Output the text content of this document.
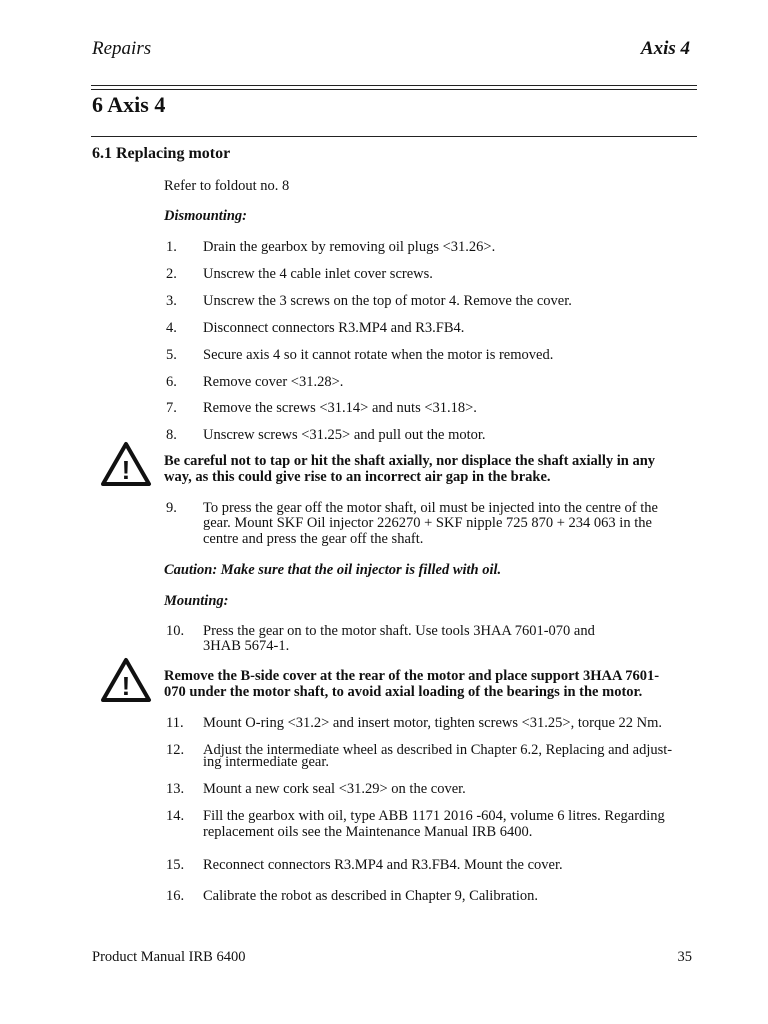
Repairs	Axis 4
6 Axis 4
6.1 Replacing motor
Refer to foldout no. 8
Dismounting:
1.	Drain the gearbox by removing oil plugs <31.26>.
2.	Unscrew the 4 cable inlet cover screws.
3.	Unscrew the 3 screws on the top of motor 4. Remove the cover.
4.	Disconnect connectors R3.MP4 and R3.FB4.
5.	Secure axis 4 so it cannot rotate when the motor is removed.
6.	Remove cover <31.28>.
7.	Remove the screws <31.14> and nuts <31.18>.
8.	Unscrew screws <31.25> and pull out the motor.
! Be careful not to tap or hit the shaft axially, nor displace the shaft axially in any
way, as this could give rise to an incorrect air gap in the brake.
9.	To press the gear off the motor shaft, oil must be injected into the centre of the
gear. Mount SKF Oil injector 226270 + SKF nipple 725 870 + 234 063 in the
centre and press the gear off the shaft.
Caution: Make sure that the oil injector is filled with oil.
Mounting:
10.	Press the gear on to the motor shaft. Use tools 3HAA 7601-070 and
3HAB 5674-1.
! Remove the B-side cover at the rear of the motor and place support 3HAA 7601-
070 under the motor shaft, to avoid axial loading of the bearings in the motor.
11.	Mount O-ring <31.2> and insert motor, tighten screws <31.25>, torque 22 Nm.
12.	Adjust the intermediate wheel as described in Chapter 6.2, Replacing and adjust-
ing intermediate gear.
13.	Mount a new cork seal <31.29> on the cover.
14.	Fill the gearbox with oil, type ABB 1171 2016 -604, volume 6 litres. Regarding
replacement oils see the Maintenance Manual IRB 6400.
15.	Reconnect connectors R3.MP4 and R3.FB4. Mount the cover.
16.	Calibrate the robot as described in Chapter 9, Calibration.
Product Manual IRB 6400	35
